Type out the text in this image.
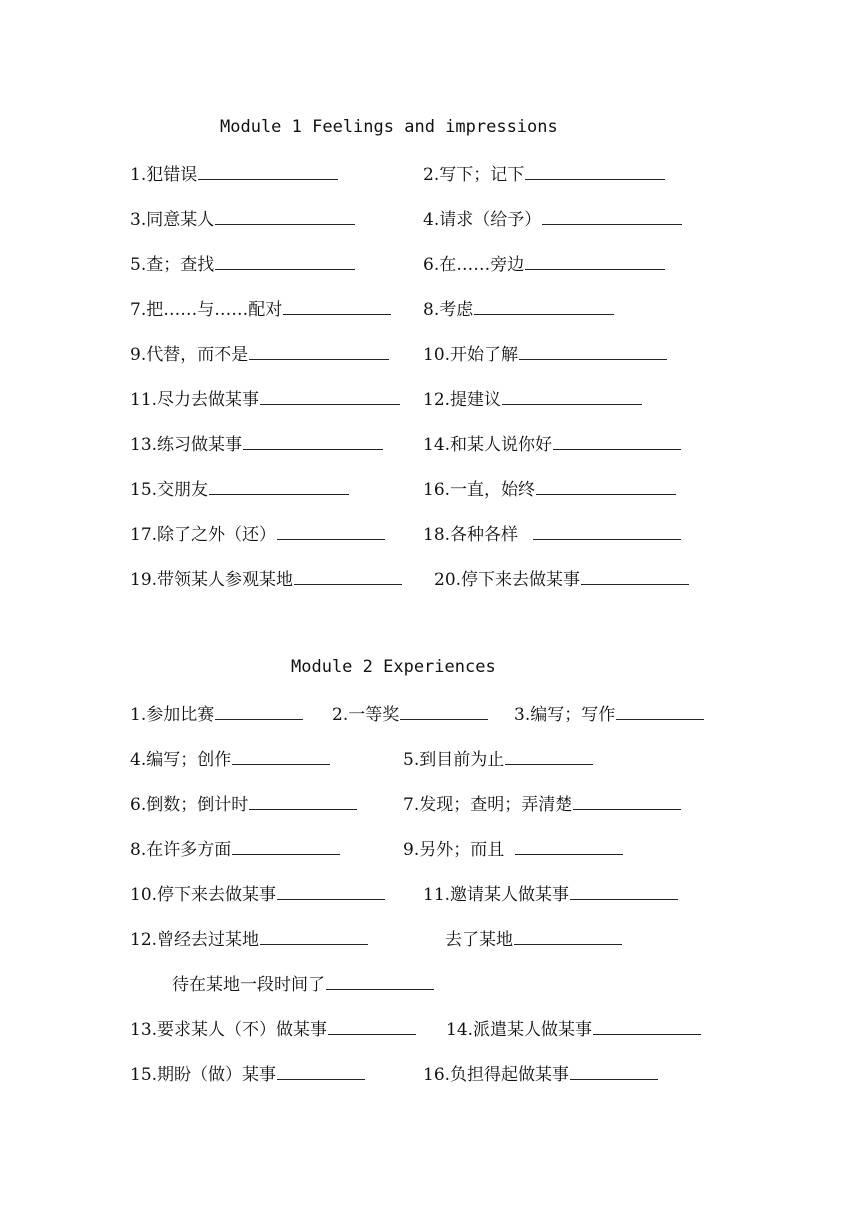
Module 1 Feelings and impressions
1.犯错误	2.写下；记下
3.同意某人	4.请求（给予）
5.查；查找	6.在……旁边
7.把……与……配对	8.考虑
9.代替，而不是	10.开始了解
11.尽力去做某事	12.提建议
13.练习做某事	14.和某人说你好
15.交朋友	16.一直，始终
17.除了之外（还）	18.各种各样
19.带领某人参观某地	20.停下来去做某事
Module 2 Experiences
1.参加比赛	2.一等奖	3.编写；写作
4.编写；创作	5.到目前为止
6.倒数；倒计时	7.发现；查明；弄清楚
8.在许多方面	9.另外；而且
10.停下来去做某事	11.邀请某人做某事
12.曾经去过某地	去了某地
待在某地一段时间了
13.要求某人（不）做某事	14.派遣某人做某事
15.期盼（做）某事	16.负担得起做某事
